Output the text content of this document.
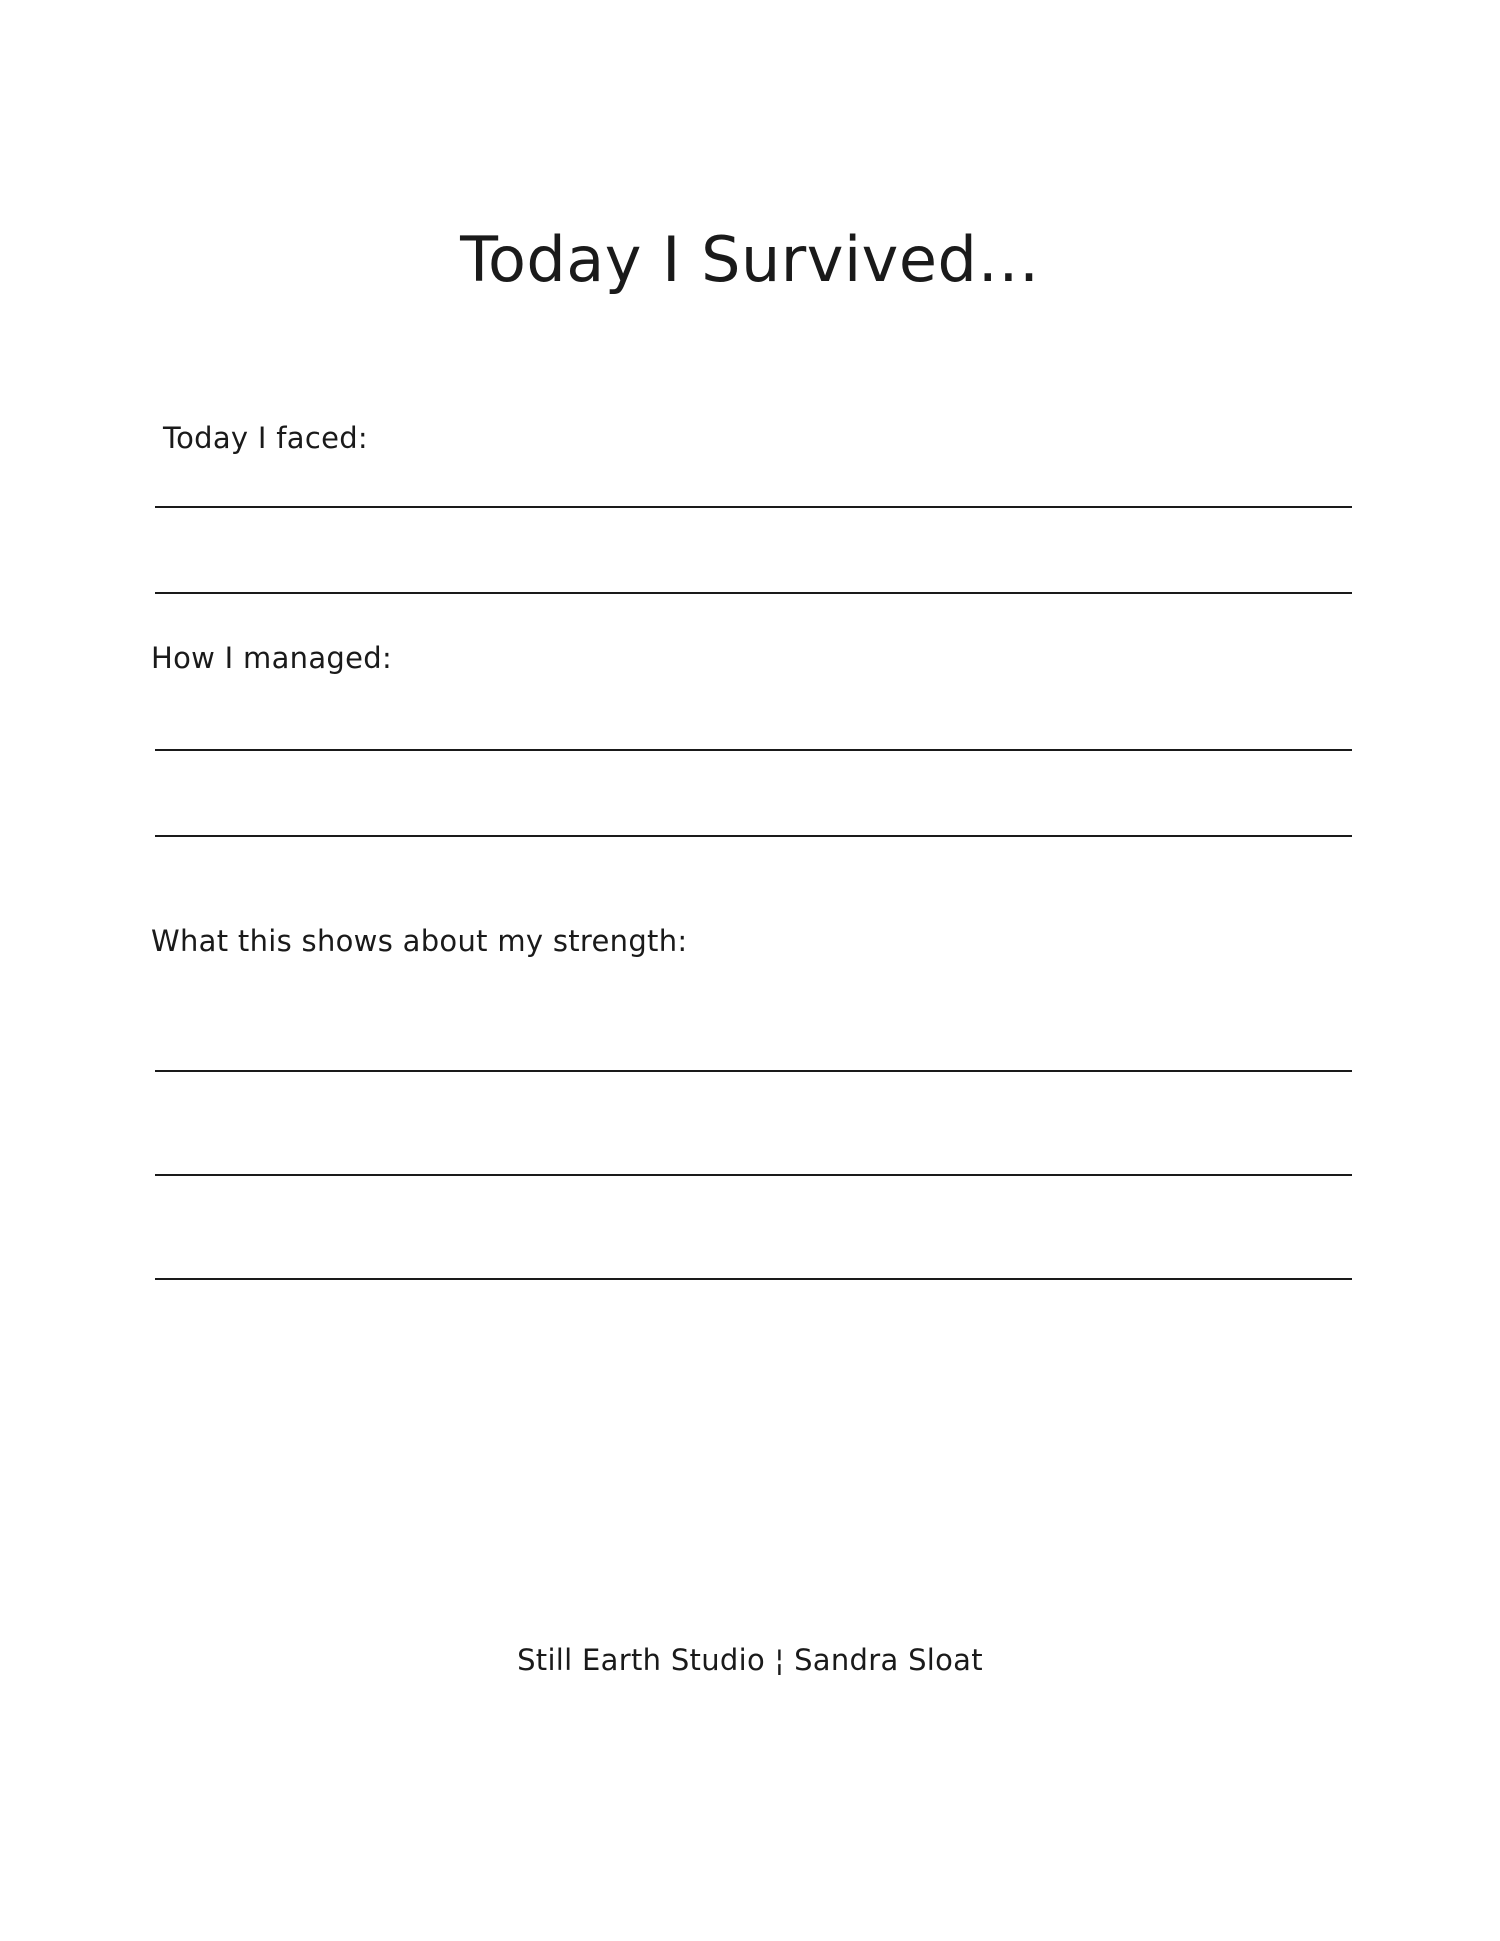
Today I Survived…
Today I faced:
How I managed:
What this shows about my strength:
Still Earth Studio ¦ Sandra Sloat
